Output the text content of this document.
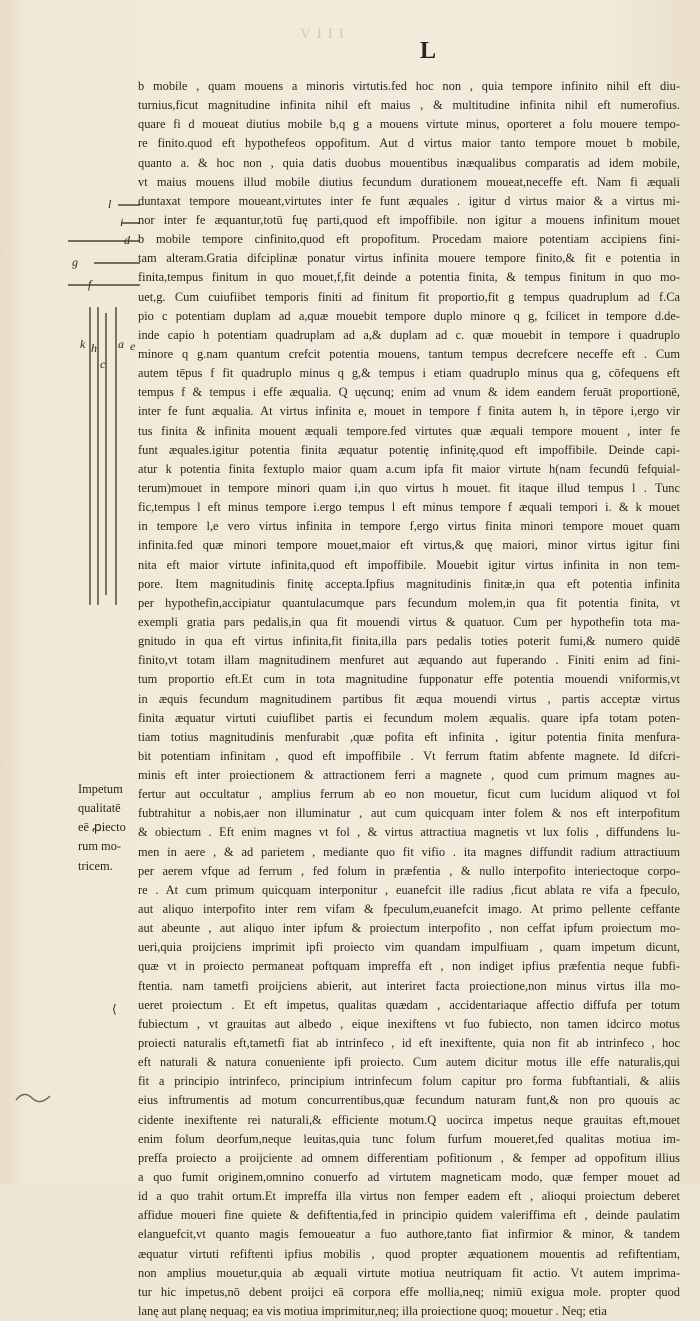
VIII
L
l
i
d
g
f
k h a e
c
Impetum
qualitatē
eē ꝓiecto
rum mo-
tricem.
⟨
b mobile , quam mouens a minoris virtutis.fed hoc non , quia tempore infinito nihil eft diu-
turnius,ficut magnitudine infinita nihil eft maius , & multitudine infinita nihil eft numerofius.
quare fi d moueat diutius mobile b,q g a mouens virtute minus, oporteret a folu mouere tempo-
re finito.quod eft hypothefeos oppofitum. Aut d virtus maior tanto tempore mouet b mobile,
quanto a. & hoc non , quia datis duobus mouentibus inæqualibus comparatis ad idem mobile,
vt maius mouens illud mobile diutius fecundum durationem moueat,neceffe eft. Nam fi æquali
duntaxat tempore moueant,virtutes inter fe funt æquales . igitur d virtus maior & a virtus mi-
nor inter fe æquantur,totū fuę parti,quod eft impoffibile. non igitur a mouens infinitum mouet
b mobile tempore cinfinito,quod eft propofitum. Procedam maiore potentiam accipiens fini-
tam alteram.Gratia difciplinæ ponatur virtus infinita mouere tempore finito,& fit e potentia in
finita,tempus finitum in quo mouet,f,fit deinde a potentia finita, & tempus finitum in quo mo-
uet,g. Cum cuiufiibet temporis finiti ad finitum fit proportio,fit g tempus quadruplum ad f.Ca
pio c potentiam duplam ad a,quæ mouebit tempore duplo minore q g, fcilicet in tempore d.de-
inde capio h potentiam quadruplam ad a,& duplam ad c. quæ mouebit in tempore i quadruplo
minore q g.nam quantum crefcit potentia mouens, tantum tempus decrefcere neceffe eft . Cum
autem tēpus f fit quadruplo minus q g,& tempus i etiam quadruplo minus qua g, cōfequens eft
tempus f & tempus i effe æqualia. Q uęcunq; enim ad vnum & idem eandem feruāt proportionē,
inter fe funt æqualia. At virtus infinita e, mouet in tempore f finita autem h, in tēpore i,ergo vir
tus finita & infinita mouent æquali tempore.fed virtutes quæ æquali tempore mouent , inter fe
funt æquales.igitur potentia finita æquatur potentię infinitę,quod eft impoffibile. Deinde capi-
atur k potentia finita fextuplo maior quam a.cum ipfa fit maior virtute h(nam fecundū fefquial-
terum)mouet in tempore minori quam i,in quo virtus h mouet. fit itaque illud tempus l . Tunc
fic,tempus l eft minus tempore i.ergo tempus l eft minus tempore f æquali tempori i. & k mouet
in tempore l,e vero virtus infinita in tempore f,ergo virtus finita minori tempore mouet quam
infinita.fed quæ minori tempore mouet,maior eft virtus,& quę maiori, minor virtus igitur fini
nita eft maior virtute infinita,quod eft impoffibile. Mouebit igitur virtus infinita in non tem-
pore. Item magnitudinis finitę accepta.Ipfius magnitudinis finitæ,in qua eft potentia infinita
per hypothefin,accipiatur quantulacumque pars fecundum molem,in qua fit potentia finita, vt
exempli gratia pars pedalis,in qua fit mouendi virtus & quatuor. Cum per hypothefin tota ma-
gnitudo in qua eft virtus infinita,fit finita,illa pars pedalis toties poterit fumi,& numero quidē
finito,vt totam illam magnitudinem menfuret aut æquando aut fuperando . Finiti enim ad fini-
tum proportio eft.Et cum in tota magnitudine fupponatur effe potentia mouendi vniformis,vt
in æquis fecundum magnitudinem partibus fit æqua mouendi virtus , partis acceptæ virtus
finita æquatur virtuti cuiuflibet partis ei fecundum molem æqualis. quare ipfa totam poten-
tiam totius magnitudinis menfurabit ,quæ pofita eft infinita , igitur potentia finita menfura-
bit potentiam infinitam , quod eft impoffibile . Vt ferrum ftatim abfente magnete. Id difcri-
minis eft inter proiectionem & attractionem ferri a magnete , quod cum primum magnes au-
fertur aut occultatur , amplius ferrum ab eo non mouetur, ficut cum lucidum aliquod vt fol
fubtrahitur a nobis,aer non illuminatur , aut cum quicquam inter folem & nos eft interpofitum
& obiectum . Eft enim magnes vt fol , & virtus attractiua magnetis vt lux folis , diffundens lu-
men in aere , & ad parietem , mediante quo fit vifio . ita magnes diffundit radium attractiuum
per aerem vfque ad ferrum , fed folum in præfentia , & nullo interpofito interiectoque corpo-
re . At cum primum quicquam interponitur , euanefcit ille radius ,ficut ablata re vifa a fpeculo,
aut aliquo interpofito inter rem vifam & fpeculum,euanefcit imago. At primo pellente ceffante
aut abeunte , aut aliquo inter ipfum & proiectum interpofito , non ceffat ipfum proiectum mo-
ueri,quia proijciens imprimit ipfi proiecto vim quandam impulfiuam , quam impetum dicunt,
quæ vt in proiecto permaneat poftquam impreffa eft , non indiget ipfius præfentia neque fubfi-
ftentia. nam tametfi proijciens abierit, aut interiret facta proiectione,non minus virtus illa mo-
ueret proiectum . Et eft impetus, qualitas quædam , accidentariaque affectio diffufa per totum
fubiectum , vt grauitas aut albedo , eique inexiftens vt fuo fubiecto, non tamen idcirco motus
proiecti naturalis eft,tametfi fiat ab intrinfeco , id eft inexiftente, quia non fit ab intrinfeco , hoc
eft naturali & natura conueniente ipfi proiecto. Cum autem dicitur motus ille effe naturalis,qui
fit a principio intrinfeco, principium intrinfecum folum capitur pro forma fubftantiali, & aliis
eius inftrumentis ad motum concurrentibus,quæ fecundum naturam funt,& non pro quouis ac
cidente inexiftente rei naturali,& efficiente motum.Q uocirca impetus neque grauitas eft,mouet
enim folum deorfum,neque leuitas,quia tunc folum furfum moueret,fed qualitas motiua im-
preffa proiecto a proijciente ad omnem differentiam pofitionum , & femper ad oppofitum illius
a quo fumit originem,omnino conuerfo ad virtutem magneticam modo, quæ femper mouet ad
id a quo trahit ortum.Et impreffa illa virtus non femper eadem eft , alioqui proiectum deberet
affidue moueri fine quiete & defiftentia,fed in principio quidem valeriffima eft , deinde paulatim
elanguefcit,vt quanto magis femoueatur a fuo authore,tanto fiat infirmior & minor, & tandem
æquatur virtuti refiftenti ipfius mobilis , quod propter æquationem mouentis ad refiftentiam,
non amplius mouetur,quia ab æquali virtute motiua neutriquam fit actio. Vt autem imprima-
tur hic impetus,nō debent proijci eā corpora effe mollia,neq; nimiū exigua mole. propter quod
lanę aut planę nequaq; ea vis motiua imprimitur,neq; illa proiectione quoq; mouetur . Neq; etia
